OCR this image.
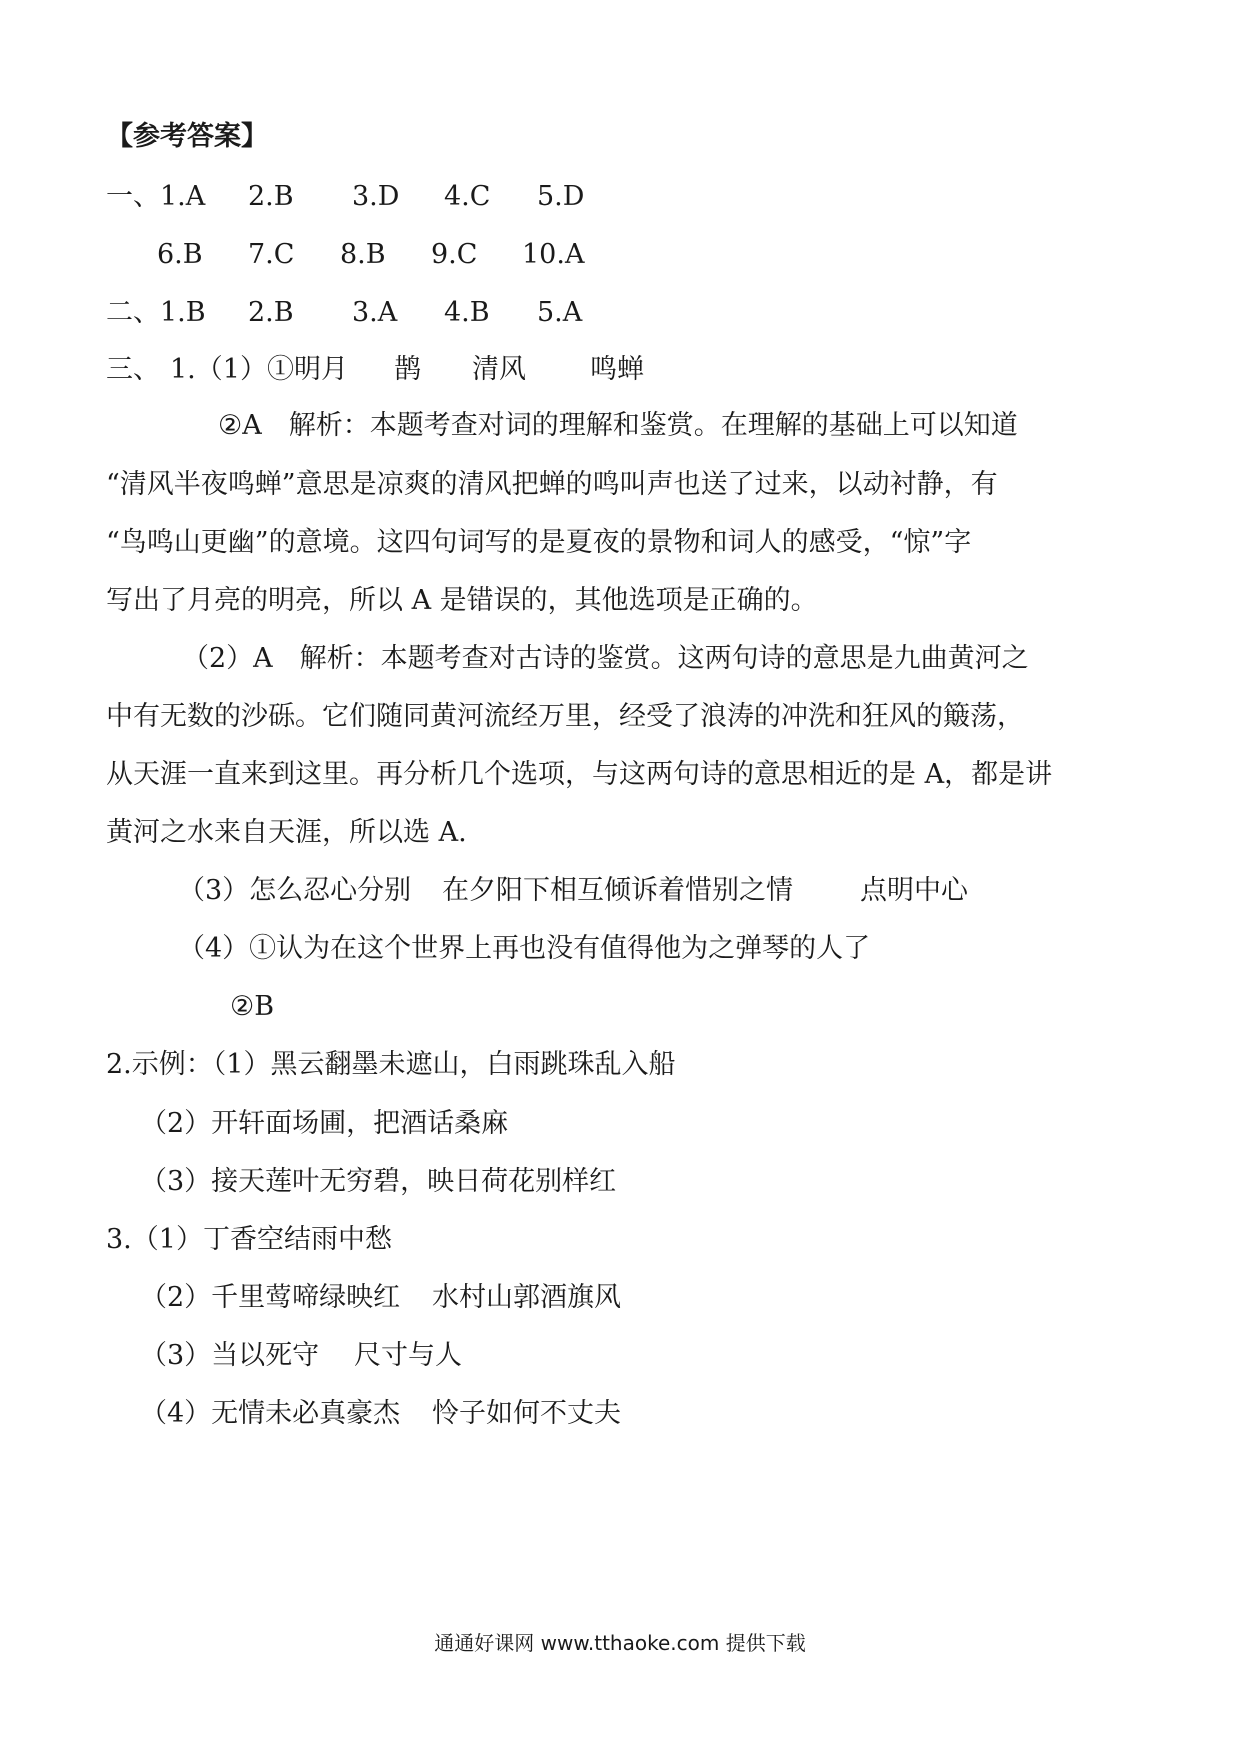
【参考答案】
一、 1.A 2.B 3.D 4.C 5.D
6.B 7.C 8.B 9.C 10.A
二、 1.B 2.B 3.A 4.B 5.A
三、 1.（1）①明月 鹊 清风 鸣蝉
②A　解析：本题考查对词的理解和鉴赏。在理解的基础上可以知道
“清风半夜鸣蝉”意思是凉爽的清风把蝉的鸣叫声也送了过来，以动衬静，有
“鸟鸣山更幽”的意境。这四句词写的是夏夜的景物和词人的感受，“惊”字
写出了月亮的明亮，所以 A 是错误的，其他选项是正确的。
（2）A　解析：本题考查对古诗的鉴赏。这两句诗的意思是九曲黄河之
中有无数的沙砾。它们随同黄河流经万里，经受了浪涛的冲洗和狂风的簸荡，
从天涯一直来到这里。再分析几个选项，与这两句诗的意思相近的是 A，都是讲
黄河之水来自天涯，所以选 A.
（3）怎么忍心分别 在夕阳下相互倾诉着惜别之情 点明中心
（4）①认为在这个世界上再也没有值得他为之弹琴的人了
②B
2.示例：（1）黑云翻墨未遮山，白雨跳珠乱入船
（2）开轩面场圃，把酒话桑麻
（3）接天莲叶无穷碧，映日荷花别样红
3.（1）丁香空结雨中愁
（2）千里莺啼绿映红 水村山郭酒旗风
（3）当以死守 尺寸与人
（4）无情未必真豪杰 怜子如何不丈夫
通通好课网 www.tthaoke.com 提供下载
